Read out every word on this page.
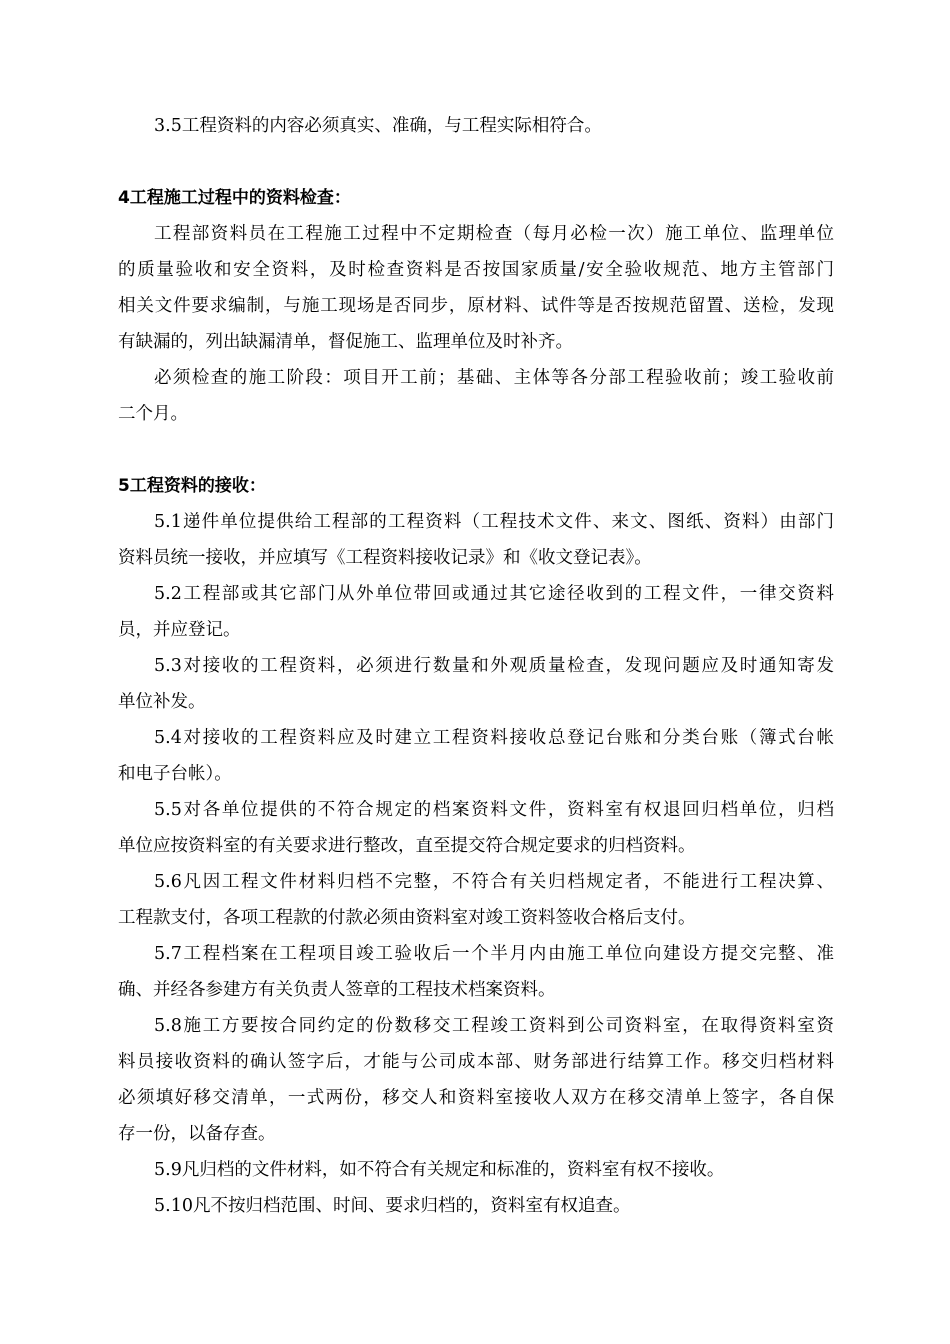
3.5工程资料的内容必须真实、准确，与工程实际相符合。
4工程施工过程中的资料检查：
工程部资料员在工程施工过程中不定期检查（每月必检一次）施工单位、监理单位
的质量验收和安全资料，及时检查资料是否按国家质量/安全验收规范、地方主管部门
相关文件要求编制，与施工现场是否同步，原材料、试件等是否按规范留置、送检，发现
有缺漏的，列出缺漏清单，督促施工、监理单位及时补齐。
必须检查的施工阶段：项目开工前；基础、主体等各分部工程验收前；竣工验收前
二个月。
5工程资料的接收：
5.1递件单位提供给工程部的工程资料（工程技术文件、来文、图纸、资料）由部门
资料员统一接收，并应填写《工程资料接收记录》和《收文登记表》。
5.2工程部或其它部门从外单位带回或通过其它途径收到的工程文件，一律交资料
员，并应登记。
5.3对接收的工程资料，必须进行数量和外观质量检查，发现问题应及时通知寄发
单位补发。
5.4对接收的工程资料应及时建立工程资料接收总登记台账和分类台账（簿式台帐
和电子台帐）。
5.5对各单位提供的不符合规定的档案资料文件，资料室有权退回归档单位，归档
单位应按资料室的有关要求进行整改，直至提交符合规定要求的归档资料。
5.6凡因工程文件材料归档不完整，不符合有关归档规定者，不能进行工程决算、
工程款支付，各项工程款的付款必须由资料室对竣工资料签收合格后支付。
5.7工程档案在工程项目竣工验收后一个半月内由施工单位向建设方提交完整、准
确、并经各参建方有关负责人签章的工程技术档案资料。
5.8施工方要按合同约定的份数移交工程竣工资料到公司资料室，在取得资料室资
料员接收资料的确认签字后，才能与公司成本部、财务部进行结算工作。移交归档材料
必须填好移交清单，一式两份，移交人和资料室接收人双方在移交清单上签字，各自保
存一份，以备存查。
5.9凡归档的文件材料，如不符合有关规定和标准的，资料室有权不接收。
5.10凡不按归档范围、时间、要求归档的，资料室有权追查。
